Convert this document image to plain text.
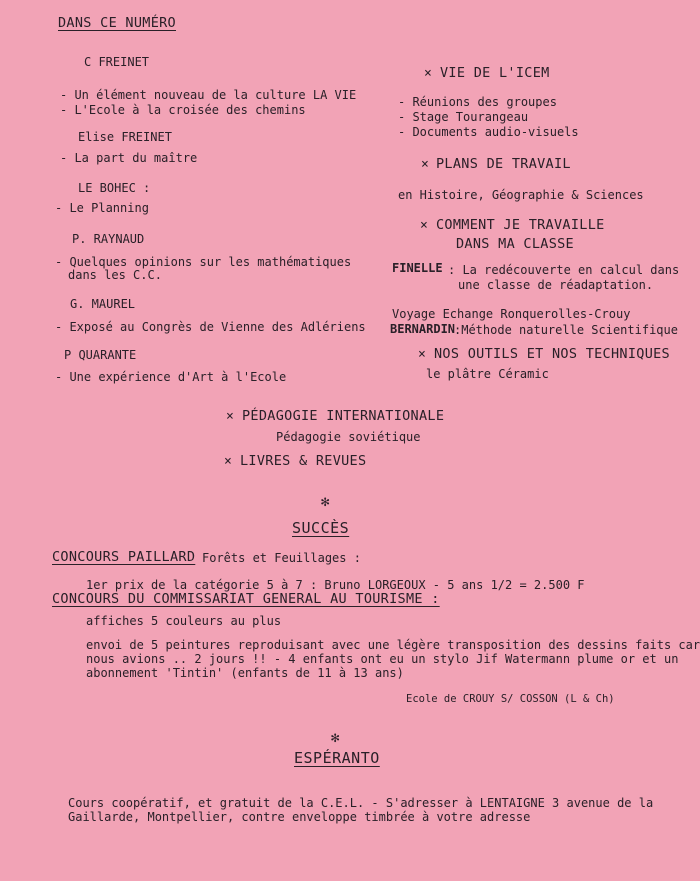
DANS CE NUMÉRO
C FREINET
- Un élément nouveau de la culture LA VIE
- L'Ecole à la croisée des chemins
Elise FREINET
- La part du maître
LE BOHEC :
- Le Planning
P. RAYNAUD
- Quelques opinions sur les mathématiques
dans les C.C.
G. MAUREL
- Exposé au Congrès de Vienne des Adlériens
P QUARANTE
- Une expérience d'Art à l'Ecole
× VIE DE L'ICEM
- Réunions des groupes
- Stage Tourangeau
- Documents audio-visuels
× PLANS DE TRAVAIL
en Histoire, Géographie & Sciences
× COMMENT JE TRAVAILLE
DANS MA CLASSE
FINELLE : La redécouverte en calcul dans
une classe de réadaptation.
Voyage Echange Ronquerolles-Crouy
BERNARDIN
:Méthode naturelle Scientifique
× NOS OUTILS ET NOS TECHNIQUES
le plâtre Céramic
× PÉDAGOGIE INTERNATIONALE
Pédagogie soviétique
× LIVRES & REVUES
✻
SUCCÈS
CONCOURS PAILLARD Forêts et Feuillages :
1er prix de la catégorie 5 à 7 : Bruno LORGEOUX - 5 ans 1/2 = 2.500 F
CONCOURS DU COMMISSARIAT GENERAL AU TOURISME :
affiches 5 couleurs au plus
envoi de 5 peintures reproduisant avec une légère transposition des dessins faits car
nous avions .. 2 jours !! - 4 enfants ont eu un stylo Jif Watermann plume or et un
abonnement 'Tintin' (enfants de 11 à 13 ans)
Ecole de CROUY S/ COSSON (L & Ch)
✻
ESPÉRANTO
Cours coopératif, et gratuit de la C.E.L. - S'adresser à LENTAIGNE 3 avenue de la
Gaillarde, Montpellier, contre enveloppe timbrée à votre adresse
